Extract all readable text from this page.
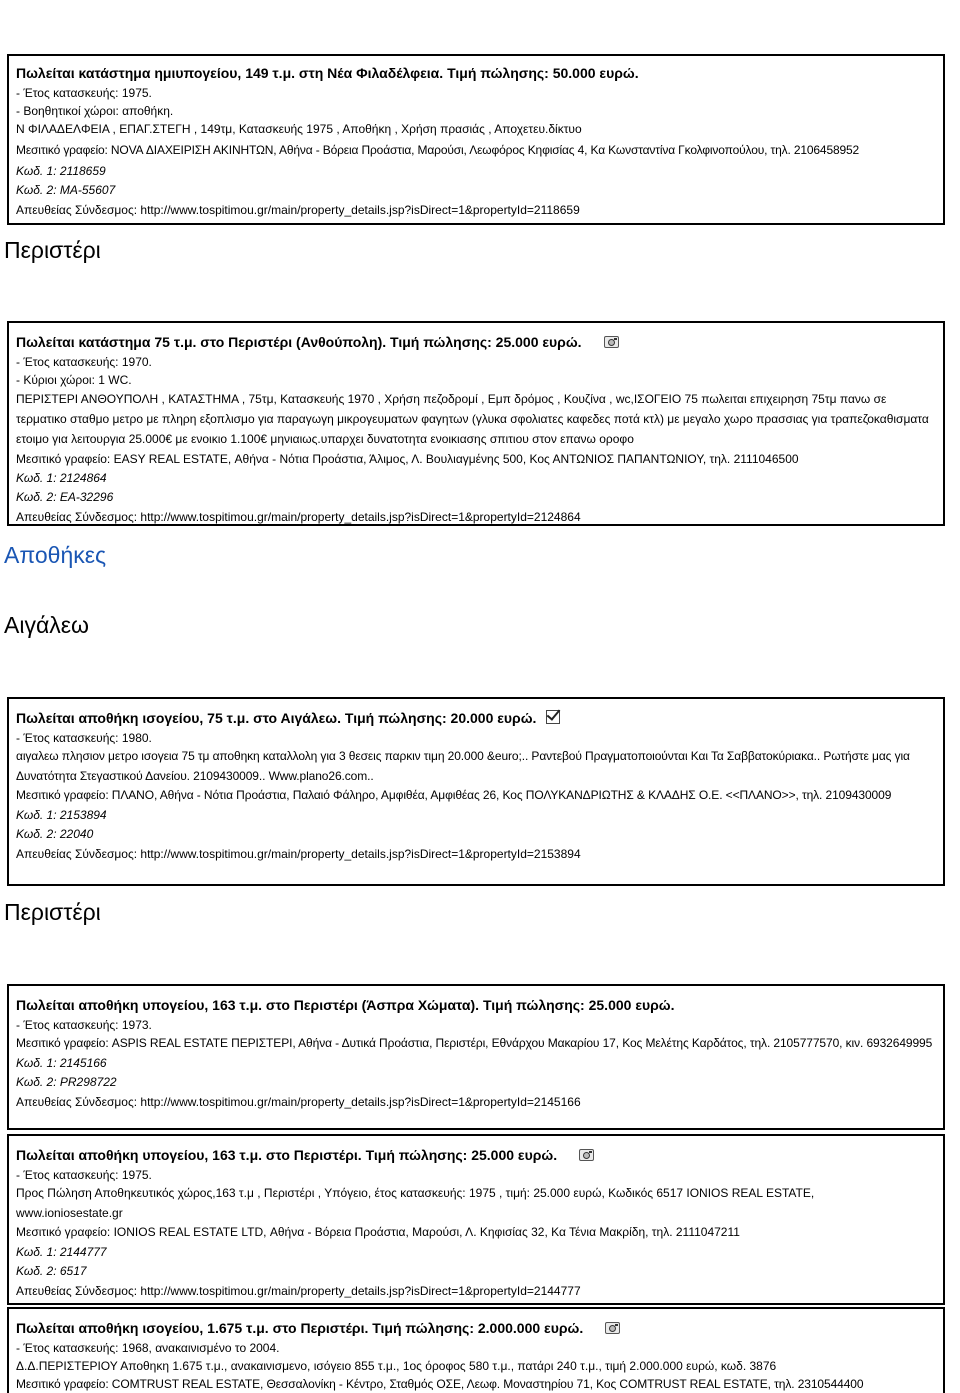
Πωλείται κατάστημα ημιυπογείου, 149 τ.μ. στη Νέα Φιλαδέλφεια. Τιμή πώλησης: 50.000 ευρώ.
- Έτος κατασκευής: 1975.
- Βοηθητικοί χώροι: αποθήκη.
Ν ΦΙΛΑΔΕΛΦΕΙΑ , ΕΠΑΓ.ΣΤΕΓΗ , 149τμ, Κατασκευής 1975 , Αποθήκη , Χρήση πρασιάς , Αποχετευ.δίκτυο
Μεσιτικό γραφείο: NOVA ΔΙΑΧΕΙΡΙΣΗ ΑΚΙΝΗΤΩΝ, Αθήνα - Βόρεια Προάστια, Μαρούσι, Λεωφόρος Κηφισίας 4, Κα Κωνσταντίνα Γκολφινοπούλου, τηλ. 2106458952
Κωδ. 1: 2118659
Κωδ. 2: MA-55607
Απευθείας Σύνδεσμος: http://www.tospitimou.gr/main/property_details.jsp?isDirect=1&propertyId=2118659
Περιστέρι
Πωλείται κατάστημα 75 τ.μ. στο Περιστέρι (Ανθούπολη). Τιμή πώλησης: 25.000 ευρώ.
- Έτος κατασκευής: 1970.
- Κύριοι χώροι: 1 WC.
ΠΕΡΙΣΤΕΡΙ ΑΝΘΟΥΠΟΛΗ , ΚΑΤΑΣΤΗΜΑ , 75τμ, Κατασκευής 1970 , Χρήση πεζοδρομί , Εμπ δρόμος , Κουζίνα , wc,ΙΣΟΓΕΙΟ 75 πωλειται επιχειρηση 75τμ πανω σε τερματικο σταθμο μετρο με πληρη εξοπλισμο για παραγωγη μικρογευματων φαγητων (γλυκα σφολιατες καφεδες ποτά κτλ) με μεγαλο χωρο πρασσιας για τραπεζοκαθισματα ετοιμο για λειτουργια 25.000€ με ενοικιο 1.100€ μηνιαιως.υπαρχει δυνατοτητα ενοικιασης σπιτιου στον επανω οροφο
Μεσιτικό γραφείο: EASY REAL ESTATE, Αθήνα - Νότια Προάστια, Άλιμος, Λ. Βουλιαγμένης 500, Κος ΑΝΤΩΝΙΟΣ ΠΑΠΑΝΤΩΝΙΟΥ, τηλ. 2111046500
Κωδ. 1: 2124864
Κωδ. 2: EA-32296
Απευθείας Σύνδεσμος: http://www.tospitimou.gr/main/property_details.jsp?isDirect=1&propertyId=2124864
Αποθήκες
Αιγάλεω
Πωλείται αποθήκη ισογείου, 75 τ.μ. στο Αιγάλεω. Τιμή πώλησης: 20.000 ευρώ.
- Έτος κατασκευής: 1980.
αιγαλεω πλησιον μετρο ισογεια 75 τμ αποθηκη καταλλολη για 3 θεσεις παρκιν τιμη 20.000 &euro;.. Ραντεβού Πραγματοποιούνται Και Τα Σαββατοκύριακα.. Ρωτήστε μας για Δυνατότητα Στεγαστικού Δανείου. 2109430009.. Www.plano26.com..
Μεσιτικό γραφείο: ΠΛΑΝΟ, Αθήνα - Νότια Προάστια, Παλαιό Φάληρο, Αμφιθέα, Αμφιθέας 26, Κος ΠΟΛΥΚΑΝΔΡΙΩΤΗΣ & ΚΛΑΔΗΣ Ο.Ε. <<ΠΛΑΝΟ>>, τηλ. 2109430009
Κωδ. 1: 2153894
Κωδ. 2: 22040
Απευθείας Σύνδεσμος: http://www.tospitimou.gr/main/property_details.jsp?isDirect=1&propertyId=2153894
Περιστέρι
Πωλείται αποθήκη υπογείου, 163 τ.μ. στο Περιστέρι (Άσπρα Χώματα). Τιμή πώλησης: 25.000 ευρώ.
- Έτος κατασκευής: 1973.
Μεσιτικό γραφείο: ASPIS REAL ESTATE ΠΕΡΙΣΤΕΡΙ, Αθήνα - Δυτικά Προάστια, Περιστέρι, Εθνάρχου Μακαρίου 17, Κος Μελέτης Καρδάτος, τηλ. 2105777570, κιν. 6932649995
Κωδ. 1: 2145166
Κωδ. 2: PR298722
Απευθείας Σύνδεσμος: http://www.tospitimou.gr/main/property_details.jsp?isDirect=1&propertyId=2145166
Πωλείται αποθήκη υπογείου, 163 τ.μ. στο Περιστέρι. Τιμή πώλησης: 25.000 ευρώ.
- Έτος κατασκευής: 1975.
Προς Πώληση Αποθηκευτικός χώρος,163 τ.μ , Περιστέρι , Υπόγειο, έτος κατασκευής: 1975 , τιμή: 25.000 ευρώ, Κωδικός 6517 IONIOS REAL ESTATE, www.ioniosestate.gr
Μεσιτικό γραφείο: IONIOS REAL ESTATE LTD, Αθήνα - Βόρεια Προάστια, Μαρούσι, Λ. Κηφισίας 32, Κα Τένια Μακρίδη, τηλ. 2111047211
Κωδ. 1: 2144777
Κωδ. 2: 6517
Απευθείας Σύνδεσμος: http://www.tospitimou.gr/main/property_details.jsp?isDirect=1&propertyId=2144777
Πωλείται αποθήκη ισογείου, 1.675 τ.μ. στο Περιστέρι. Τιμή πώλησης: 2.000.000 ευρώ.
- Έτος κατασκευής: 1968, ανακαινισμένο το 2004.
Δ.Δ.ΠΕΡΙΣΤΕΡΙΟΥ Αποθηκη 1.675 τ.μ., ανακαινισμενο, ισόγειο 855 τ.μ., 1ος όροφος 580 τ.μ., πατάρι 240 τ.μ., τιμή 2.000.000 ευρώ, κωδ. 3876
Μεσιτικό γραφείο: COMTRUST REAL ESTATE, Θεσσαλονίκη - Κέντρο, Σταθμός ΟΣΕ, Λεωφ. Μοναστηρίου 71, Κος COMTRUST REAL ESTATE, τηλ. 2310544400
